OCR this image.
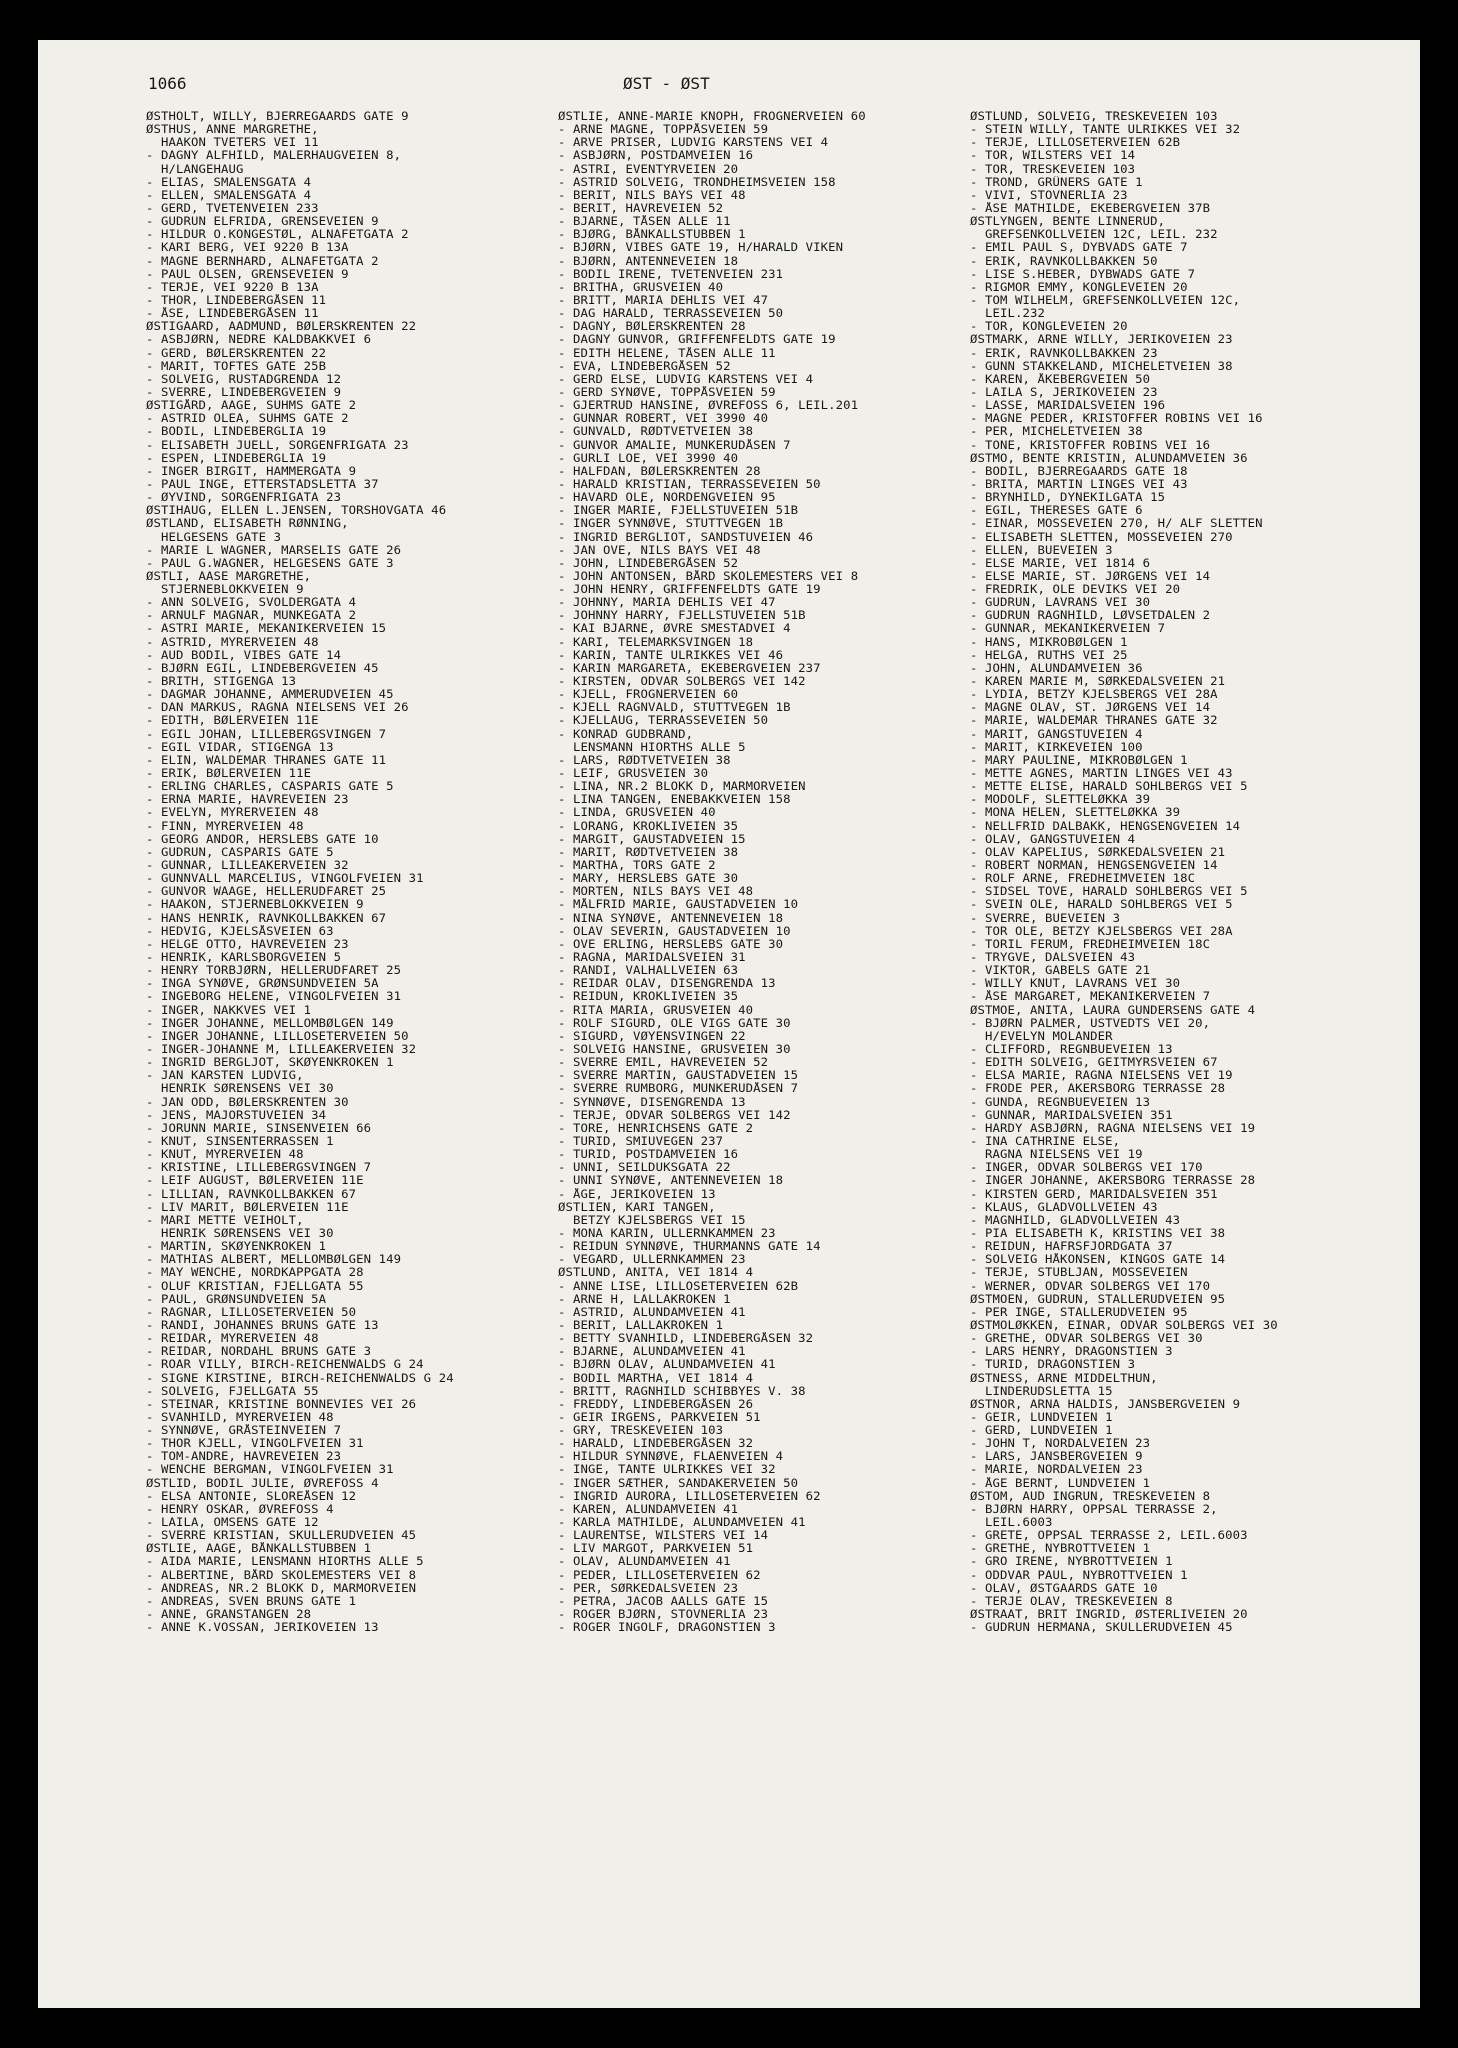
1066	ØST - ØST
ØSTHOLT, WILLY, BJERREGAARDS GATE 9
ØSTHUS, ANNE MARGRETHE,
HAAKON TVETERS VEI 11
- DAGNY ALFHILD, MALERHAUGVEIEN 8,
H/LANGEHAUG
- ELIAS, SMALENSGATA 4
- ELLEN, SMALENSGATA 4
- GERD, TVETENVEIEN 233
- GUDRUN ELFRIDA, GRENSEVEIEN 9
- HILDUR O.KONGESTØL, ALNAFETGATA 2
- KARI BERG, VEI 9220 B 13A
- MAGNE BERNHARD, ALNAFETGATA 2
- PAUL OLSEN, GRENSEVEIEN 9
- TERJE, VEI 9220 B 13A
- THOR, LINDEBERGÅSEN 11
- ÅSE, LINDEBERGÅSEN 11
ØSTIGAARD, AADMUND, BØLERSKRENTEN 22
- ASBJØRN, NEDRE KALDBAKKVEI 6
- GERD, BØLERSKRENTEN 22
- MARIT, TOFTES GATE 25B
- SOLVEIG, RUSTADGRENDA 12
- SVERRE, LINDEBERGVEIEN 9
ØSTIGÅRD, AAGE, SUHMS GATE 2
- ASTRID OLEA, SUHMS GATE 2
- BODIL, LINDEBERGLIA 19
- ELISABETH JUELL, SORGENFRIGATA 23
- ESPEN, LINDEBERGLIA 19
- INGER BIRGIT, HAMMERGATA 9
- PAUL INGE, ETTERSTADSLETTA 37
- ØYVIND, SORGENFRIGATA 23
ØSTIHAUG, ELLEN L.JENSEN, TORSHOVGATA 46
ØSTLAND, ELISABETH RØNNING,
HELGESENS GATE 3
- MARIE L WAGNER, MARSELIS GATE 26
- PAUL G.WAGNER, HELGESENS GATE 3
ØSTLI, AASE MARGRETHE,
STJERNEBLOKKVEIEN 9
- ANN SOLVEIG, SVOLDERGATA 4
- ARNULF MAGNAR, MUNKEGATA 2
- ASTRI MARIE, MEKANIKERVEIEN 15
- ASTRID, MYRERVEIEN 48
- AUD BODIL, VIBES GATE 14
- BJØRN EGIL, LINDEBERGVEIEN 45
- BRITH, STIGENGA 13
- DAGMAR JOHANNE, AMMERUDVEIEN 45
- DAN MARKUS, RAGNA NIELSENS VEI 26
- EDITH, BØLERVEIEN 11E
- EGIL JOHAN, LILLEBERGSVINGEN 7
- EGIL VIDAR, STIGENGA 13
- ELIN, WALDEMAR THRANES GATE 11
- ERIK, BØLERVEIEN 11E
- ERLING CHARLES, CASPARIS GATE 5
- ERNA MARIE, HAVREVEIEN 23
- EVELYN, MYRERVEIEN 48
- FINN, MYRERVEIEN 48
- GEORG ANDOR, HERSLEBS GATE 10
- GUDRUN, CASPARIS GATE 5
- GUNNAR, LILLEAKERVEIEN 32
- GUNNVALL MARCELIUS, VINGOLFVEIEN 31
- GUNVOR WAAGE, HELLERUDFARET 25
- HAAKON, STJERNEBLOKKVEIEN 9
- HANS HENRIK, RAVNKOLLBAKKEN 67
- HEDVIG, KJELSÅSVEIEN 63
- HELGE OTTO, HAVREVEIEN 23
- HENRIK, KARLSBORGVEIEN 5
- HENRY TORBJØRN, HELLERUDFARET 25
- INGA SYNØVE, GRØNSUNDVEIEN 5A
- INGEBORG HELENE, VINGOLFVEIEN 31
- INGER, NAKKVES VEI 1
- INGER JOHANNE, MELLOMBØLGEN 149
- INGER JOHANNE, LILLOSETERVEIEN 50
- INGER-JOHANNE M, LILLEAKERVEIEN 32
- INGRID BERGLJOT, SKØYENKROKEN 1
- JAN KARSTEN LUDVIG,
HENRIK SØRENSENS VEI 30
- JAN ODD, BØLERSKRENTEN 30
- JENS, MAJORSTUVEIEN 34
- JORUNN MARIE, SINSENVEIEN 66
- KNUT, SINSENTERRASSEN 1
- KNUT, MYRERVEIEN 48
- KRISTINE, LILLEBERGSVINGEN 7
- LEIF AUGUST, BØLERVEIEN 11E
- LILLIAN, RAVNKOLLBAKKEN 67
- LIV MARIT, BØLERVEIEN 11E
- MARI METTE VEIHOLT,
HENRIK SØRENSENS VEI 30
- MARTIN, SKØYENKROKEN 1
- MATHIAS ALBERT, MELLOMBØLGEN 149
- MAY WENCHE, NORDKAPPGATA 28
- OLUF KRISTIAN, FJELLGATA 55
- PAUL, GRØNSUNDVEIEN 5A
- RAGNAR, LILLOSETERVEIEN 50
- RANDI, JOHANNES BRUNS GATE 13
- REIDAR, MYRERVEIEN 48
- REIDAR, NORDAHL BRUNS GATE 3
- ROAR VILLY, BIRCH-REICHENWALDS G 24
- SIGNE KIRSTINE, BIRCH-REICHENWALDS G 24
- SOLVEIG, FJELLGATA 55
- STEINAR, KRISTINE BONNEVIES VEI 26
- SVANHILD, MYRERVEIEN 48
- SYNNØVE, GRÅSTEINVEIEN 7
- THOR KJELL, VINGOLFVEIEN 31
- TOM-ANDRE, HAVREVEIEN 23
- WENCHE BERGMAN, VINGOLFVEIEN 31
ØSTLID, BODIL JULIE, ØVREFOSS 4
- ELSA ANTONIE, SLOREÅSEN 12
- HENRY OSKAR, ØVREFOSS 4
- LAILA, OMSENS GATE 12
- SVERRE KRISTIAN, SKULLERUDVEIEN 45
ØSTLIE, AAGE, BÅNKALLSTUBBEN 1
- AIDA MARIE, LENSMANN HIORTHS ALLE 5
- ALBERTINE, BÅRD SKOLEMESTERS VEI 8
- ANDREAS, NR.2 BLOKK D, MARMORVEIEN
- ANDREAS, SVEN BRUNS GATE 1
- ANNE, GRANSTANGEN 28
- ANNE K.VOSSAN, JERIKOVEIEN 13
ØSTLIE, ANNE-MARIE KNOPH, FROGNERVEIEN 60
- ARNE MAGNE, TOPPÅSVEIEN 59
- ARVE PRISER, LUDVIG KARSTENS VEI 4
- ASBJØRN, POSTDAMVEIEN 16
- ASTRI, EVENTYRVEIEN 20
- ASTRID SOLVEIG, TRONDHEIMSVEIEN 158
- BERIT, NILS BAYS VEI 48
- BERIT, HAVREVEIEN 52
- BJARNE, TÅSEN ALLE 11
- BJØRG, BÅNKALLSTUBBEN 1
- BJØRN, VIBES GATE 19, H/HARALD VIKEN
- BJØRN, ANTENNEVEIEN 18
- BODIL IRENE, TVETENVEIEN 231
- BRITHA, GRUSVEIEN 40
- BRITT, MARIA DEHLIS VEI 47
- DAG HARALD, TERRASSEVEIEN 50
- DAGNY, BØLERSKRENTEN 28
- DAGNY GUNVOR, GRIFFENFELDTS GATE 19
- EDITH HELENE, TÅSEN ALLE 11
- EVA, LINDEBERGÅSEN 52
- GERD ELSE, LUDVIG KARSTENS VEI 4
- GERD SYNØVE, TOPPÅSVEIEN 59
- GJERTRUD HANSINE, ØVREFOSS 6, LEIL.201
- GUNNAR ROBERT, VEI 3990 40
- GUNVALD, RØDTVETVEIEN 38
- GUNVOR AMALIE, MUNKERUDÅSEN 7
- GURLI LOE, VEI 3990 40
- HALFDAN, BØLERSKRENTEN 28
- HARALD KRISTIAN, TERRASSEVEIEN 50
- HAVARD OLE, NORDENGVEIEN 95
- INGER MARIE, FJELLSTUVEIEN 51B
- INGER SYNNØVE, STUTTVEGEN 1B
- INGRID BERGLIOT, SANDSTUVEIEN 46
- JAN OVE, NILS BAYS VEI 48
- JOHN, LINDEBERGÅSEN 52
- JOHN ANTONSEN, BÅRD SKOLEMESTERS VEI 8
- JOHN HENRY, GRIFFENFELDTS GATE 19
- JOHNNY, MARIA DEHLIS VEI 47
- JOHNNY HARRY, FJELLSTUVEIEN 51B
- KAI BJARNE, ØVRE SMESTADVEI 4
- KARI, TELEMARKSVINGEN 18
- KARIN, TANTE ULRIKKES VEI 46
- KARIN MARGARETA, EKEBERGVEIEN 237
- KIRSTEN, ODVAR SOLBERGS VEI 142
- KJELL, FROGNERVEIEN 60
- KJELL RAGNVALD, STUTTVEGEN 1B
- KJELLAUG, TERRASSEVEIEN 50
- KONRAD GUDBRAND,
LENSMANN HIORTHS ALLE 5
- LARS, RØDTVETVEIEN 38
- LEIF, GRUSVEIEN 30
- LINA, NR.2 BLOKK D, MARMORVEIEN
- LINA TANGEN, ENEBAKKVEIEN 158
- LINDA, GRUSVEIEN 40
- LORANG, KROKLIVEIEN 35
- MARGIT, GAUSTADVEIEN 15
- MARIT, RØDTVETVEIEN 38
- MARTHA, TORS GATE 2
- MARY, HERSLEBS GATE 30
- MORTEN, NILS BAYS VEI 48
- MÅLFRID MARIE, GAUSTADVEIEN 10
- NINA SYNØVE, ANTENNEVEIEN 18
- OLAV SEVERIN, GAUSTADVEIEN 10
- OVE ERLING, HERSLEBS GATE 30
- RAGNA, MARIDALSVEIEN 31
- RANDI, VALHALLVEIEN 63
- REIDAR OLAV, DISENGRENDA 13
- REIDUN, KROKLIVEIEN 35
- RITA MARIA, GRUSVEIEN 40
- ROLF SIGURD, OLE VIGS GATE 30
- SIGURD, VØYENSVINGEN 22
- SOLVEIG HANSINE, GRUSVEIEN 30
- SVERRE EMIL, HAVREVEIEN 52
- SVERRE MARTIN, GAUSTADVEIEN 15
- SVERRE RUMBORG, MUNKERUDÅSEN 7
- SYNNØVE, DISENGRENDA 13
- TERJE, ODVAR SOLBERGS VEI 142
- TORE, HENRICHSENS GATE 2
- TURID, SMIUVEGEN 237
- TURID, POSTDAMVEIEN 16
- UNNI, SEILDUKSGATA 22
- UNNI SYNØVE, ANTENNEVEIEN 18
- ÅGE, JERIKOVEIEN 13
ØSTLIEN, KARI TANGEN,
BETZY KJELSBERGS VEI 15
- MONA KARIN, ULLERNKAMMEN 23
- REIDUN SYNNØVE, THURMANNS GATE 14
- VEGARD, ULLERNKAMMEN 23
ØSTLUND, ANITA, VEI 1814 4
- ANNE LISE, LILLOSETERVEIEN 62B
- ARNE H, LALLAKROKEN 1
- ASTRID, ALUNDAMVEIEN 41
- BERIT, LALLAKROKEN 1
- BETTY SVANHILD, LINDEBERGÅSEN 32
- BJARNE, ALUNDAMVEIEN 41
- BJØRN OLAV, ALUNDAMVEIEN 41
- BODIL MARTHA, VEI 1814 4
- BRITT, RAGNHILD SCHIBBYES V. 38
- FREDDY, LINDEBERGÅSEN 26
- GEIR IRGENS, PARKVEIEN 51
- GRY, TRESKEVEIEN 103
- HARALD, LINDEBERGÅSEN 32
- HILDUR SYNNØVE, FLAENVEIEN 4
- INGE, TANTE ULRIKKES VEI 32
- INGER SÆTHER, SANDAKERVEIEN 50
- INGRID AURORA, LILLOSETERVEIEN 62
- KAREN, ALUNDAMVEIEN 41
- KARLA MATHILDE, ALUNDAMVEIEN 41
- LAURENTSE, WILSTERS VEI 14
- LIV MARGOT, PARKVEIEN 51
- OLAV, ALUNDAMVEIEN 41
- PEDER, LILLOSETERVEIEN 62
- PER, SØRKEDALSVEIEN 23
- PETRA, JACOB AALLS GATE 15
- ROGER BJØRN, STOVNERLIA 23
- ROGER INGOLF, DRAGONSTIEN 3
ØSTLUND, SOLVEIG, TRESKEVEIEN 103
- STEIN WILLY, TANTE ULRIKKES VEI 32
- TERJE, LILLOSETERVEIEN 62B
- TOR, WILSTERS VEI 14
- TOR, TRESKEVEIEN 103
- TROND, GRÜNERS GATE 1
- VIVI, STOVNERLIA 23
- ÅSE MATHILDE, EKEBERGVEIEN 37B
ØSTLYNGEN, BENTE LINNERUD,
GREFSENKOLLVEIEN 12C, LEIL. 232
- EMIL PAUL S, DYBVADS GATE 7
- ERIK, RAVNKOLLBAKKEN 50
- LISE S.HEBER, DYBWADS GATE 7
- RIGMOR EMMY, KONGLEVEIEN 20
- TOM WILHELM, GREFSENKOLLVEIEN 12C,
LEIL.232
- TOR, KONGLEVEIEN 20
ØSTMARK, ARNE WILLY, JERIKOVEIEN 23
- ERIK, RAVNKOLLBAKKEN 23
- GUNN STAKKELAND, MICHELETVEIEN 38
- KAREN, ÅKEBERGVEIEN 50
- LAILA S, JERIKOVEIEN 23
- LASSE, MARIDALSVEIEN 196
- MAGNE PEDER, KRISTOFFER ROBINS VEI 16
- PER, MICHELETVEIEN 38
- TONE, KRISTOFFER ROBINS VEI 16
ØSTMO, BENTE KRISTIN, ALUNDAMVEIEN 36
- BODIL, BJERREGAARDS GATE 18
- BRITA, MARTIN LINGES VEI 43
- BRYNHILD, DYNEKILGATA 15
- EGIL, THERESES GATE 6
- EINAR, MOSSEVEIEN 270, H/ ALF SLETTEN
- ELISABETH SLETTEN, MOSSEVEIEN 270
- ELLEN, BUEVEIEN 3
- ELSE MARIE, VEI 1814 6
- ELSE MARIE, ST. JØRGENS VEI 14
- FREDRIK, OLE DEVIKS VEI 20
- GUDRUN, LAVRANS VEI 30
- GUDRUN RAGNHILD, LØVSETDALEN 2
- GUNNAR, MEKANIKERVEIEN 7
- HANS, MIKROBØLGEN 1
- HELGA, RUTHS VEI 25
- JOHN, ALUNDAMVEIEN 36
- KAREN MARIE M, SØRKEDALSVEIEN 21
- LYDIA, BETZY KJELSBERGS VEI 28A
- MAGNE OLAV, ST. JØRGENS VEI 14
- MARIE, WALDEMAR THRANES GATE 32
- MARIT, GANGSTUVEIEN 4
- MARIT, KIRKEVEIEN 100
- MARY PAULINE, MIKROBØLGEN 1
- METTE AGNES, MARTIN LINGES VEI 43
- METTE ELISE, HARALD SOHLBERGS VEI 5
- MODOLF, SLETTELØKKA 39
- MONA HELEN, SLETTELØKKA 39
- NELLFRID DALBAKK, HENGSENGVEIEN 14
- OLAV, GANGSTUVEIEN 4
- OLAV KAPELIUS, SØRKEDALSVEIEN 21
- ROBERT NORMAN, HENGSENGVEIEN 14
- ROLF ARNE, FREDHEIMVEIEN 18C
- SIDSEL TOVE, HARALD SOHLBERGS VEI 5
- SVEIN OLE, HARALD SOHLBERGS VEI 5
- SVERRE, BUEVEIEN 3
- TOR OLE, BETZY KJELSBERGS VEI 28A
- TORIL FERUM, FREDHEIMVEIEN 18C
- TRYGVE, DALSVEIEN 43
- VIKTOR, GABELS GATE 21
- WILLY KNUT, LAVRANS VEI 30
- ÅSE MARGARET, MEKANIKERVEIEN 7
ØSTMOE, ANITA, LAURA GUNDERSENS GATE 4
- BJØRN PALMER, USTVEDTS VEI 20,
H/EVELYN MOLANDER
- CLIFFORD, REGNBUEVEIEN 13
- EDITH SOLVEIG, GEITMYRSVEIEN 67
- ELSA MARIE, RAGNA NIELSENS VEI 19
- FRODE PER, AKERSBORG TERRASSE 28
- GUNDA, REGNBUEVEIEN 13
- GUNNAR, MARIDALSVEIEN 351
- HARDY ASBJØRN, RAGNA NIELSENS VEI 19
- INA CATHRINE ELSE,
RAGNA NIELSENS VEI 19
- INGER, ODVAR SOLBERGS VEI 170
- INGER JOHANNE, AKERSBORG TERRASSE 28
- KIRSTEN GERD, MARIDALSVEIEN 351
- KLAUS, GLADVOLLVEIEN 43
- MAGNHILD, GLADVOLLVEIEN 43
- PIA ELISABETH K, KRISTINS VEI 38
- REIDUN, HAFRSFJORDGATA 37
- SOLVEIG HÅKONSEN, KINGOS GATE 14
- TERJE, STUBLJAN, MOSSEVEIEN
- WERNER, ODVAR SOLBERGS VEI 170
ØSTMOEN, GUDRUN, STALLERUDVEIEN 95
- PER INGE, STALLERUDVEIEN 95
ØSTMOLØKKEN, EINAR, ODVAR SOLBERGS VEI 30
- GRETHE, ODVAR SOLBERGS VEI 30
- LARS HENRY, DRAGONSTIEN 3
- TURID, DRAGONSTIEN 3
ØSTNESS, ARNE MIDDELTHUN,
LINDERUDSLETTA 15
ØSTNOR, ARNA HALDIS, JANSBERGVEIEN 9
- GEIR, LUNDVEIEN 1
- GERD, LUNDVEIEN 1
- JOHN T, NORDALVEIEN 23
- LARS, JANSBERGVEIEN 9
- MARIE, NORDALVEIEN 23
- ÅGE BERNT, LUNDVEIEN 1
ØSTOM, AUD INGRUN, TRESKEVEIEN 8
- BJØRN HARRY, OPPSAL TERRASSE 2,
LEIL.6003
- GRETE, OPPSAL TERRASSE 2, LEIL.6003
- GRETHE, NYBROTTVEIEN 1
- GRO IRENE, NYBROTTVEIEN 1
- ODDVAR PAUL, NYBROTTVEIEN 1
- OLAV, ØSTGAARDS GATE 10
- TERJE OLAV, TRESKEVEIEN 8
ØSTRAAT, BRIT INGRID, ØSTERLIVEIEN 20
- GUDRUN HERMANA, SKULLERUDVEIEN 45
